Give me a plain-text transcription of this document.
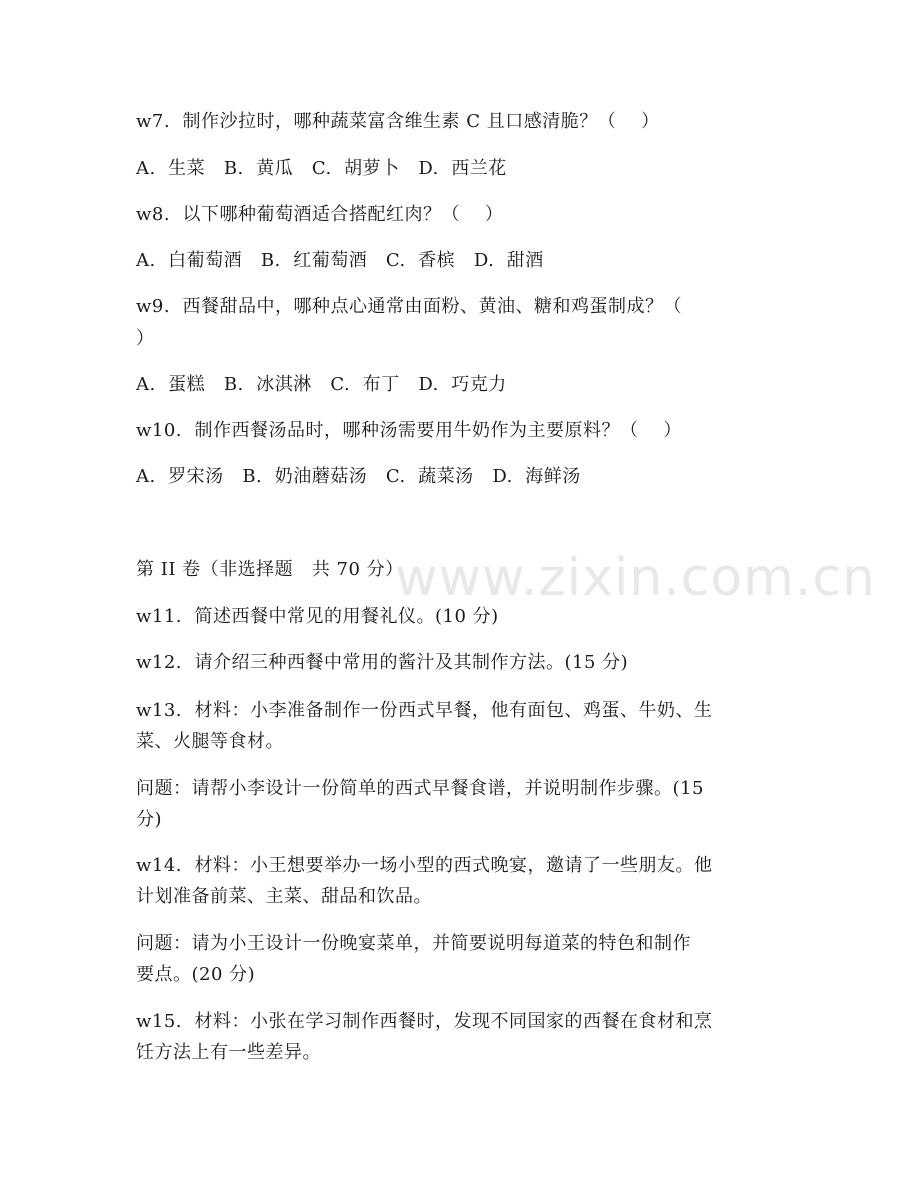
www.zixin.com.cn
w7.  制作沙拉时，哪种蔬菜富含维生素 C 且口感清脆？（    ）
A.  生菜   B.  黄瓜   C.  胡萝卜   D.  西兰花
w8.  以下哪种葡萄酒适合搭配红肉？（    ）
A.  白葡萄酒   B.  红葡萄酒   C.  香槟   D.  甜酒
w9.  西餐甜品中，哪种点心通常由面粉、黄油、糖和鸡蛋制成？（
）
A.  蛋糕   B.  冰淇淋   C.  布丁   D.  巧克力
w10.  制作西餐汤品时，哪种汤需要用牛奶作为主要原料？（    ）
A.  罗宋汤   B.  奶油蘑菇汤   C.  蔬菜汤   D.  海鲜汤
第 II 卷（非选择题   共 70 分）
w11.  简述西餐中常见的用餐礼仪。(10 分)
w12.  请介绍三种西餐中常用的酱汁及其制作方法。(15 分)
w13.  材料：小李准备制作一份西式早餐，他有面包、鸡蛋、牛奶、生
菜、火腿等食材。
问题：请帮小李设计一份简单的西式早餐食谱，并说明制作步骤。(15
分)
w14.  材料：小王想要举办一场小型的西式晚宴，邀请了一些朋友。他
计划准备前菜、主菜、甜品和饮品。
问题：请为小王设计一份晚宴菜单，并简要说明每道菜的特色和制作
要点。(20 分)
w15.  材料：小张在学习制作西餐时，发现不同国家的西餐在食材和烹
饪方法上有一些差异。
